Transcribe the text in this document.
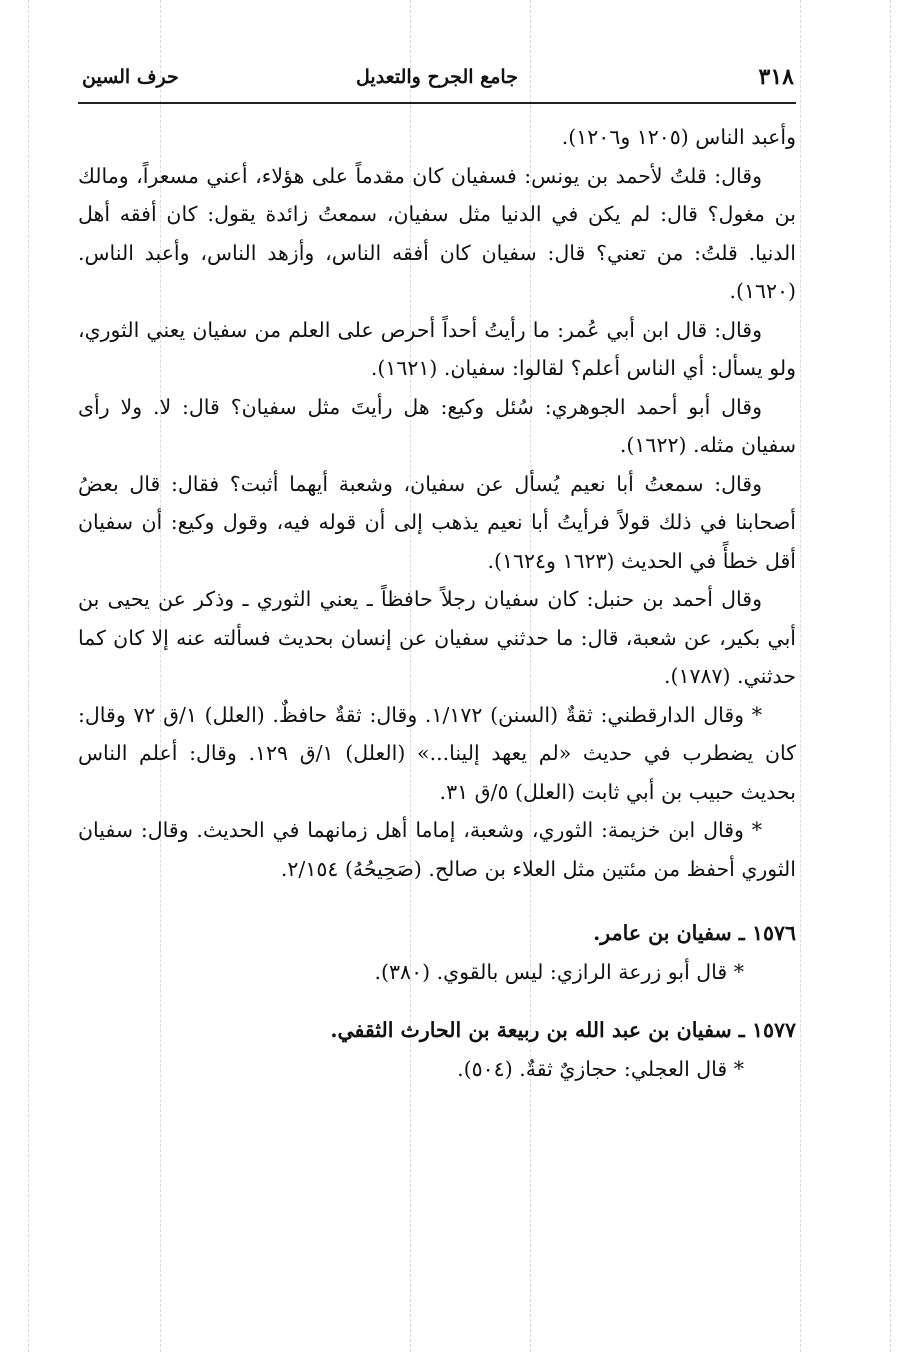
٣١٨
جامع الجرح والتعديل
حرف السين

وأعبد الناس (١٢٠٥ و١٢٠٦).

وقال: قلتُ لأحمد بن يونس: فسفيان كان مقدماً على هؤلاء، أعني مسعراً، ومالك بن مغول؟ قال: لم يكن في الدنيا مثل سفيان، سمعتُ زائدة يقول: كان أفقه أهل الدنيا. قلتُ: من تعني؟ قال: سفيان كان أفقه الناس، وأزهد الناس، وأعبد الناس. (١٦٢٠).

وقال: قال ابن أبي عُمر: ما رأيتُ أحداً أحرص على العلم من سفيان يعني الثوري، ولو يسأل: أي الناس أعلم؟ لقالوا: سفيان. (١٦٢١).

وقال أبو أحمد الجوهري: سُئل وكيع: هل رأيتَ مثل سفيان؟ قال: لا. ولا رأى سفيان مثله. (١٦٢٢).

وقال: سمعتُ أبا نعيم يُسأل عن سفيان، وشعبة أيهما أثبت؟ فقال: قال بعضُ أصحابنا في ذلك قولاً فرأيتُ أبا نعيم يذهب إلى أن قوله فيه، وقول وكيع: أن سفيان أقل خطأً في الحديث (١٦٢٣ و١٦٢٤).

وقال أحمد بن حنبل: كان سفيان رجلاً حافظاً ـ يعني الثوري ـ وذكر عن يحيى بن أبي بكير، عن شعبة، قال: ما حدثني سفيان عن إنسان بحديث فسألته عنه إلا كان كما حدثني. (١٧٨٧).

* وقال الدارقطني: ثقةٌ (السنن) ١/١٧٢. وقال: ثقةٌ حافظٌ. (العلل) ١/ق ٧٢ وقال: كان يضطرب في حديث «لم يعهد إلينا...» (العلل) ١/ق ١٢٩. وقال: أعلم الناس بحديث حبيب بن أبي ثابت (العلل) ٥/ق ٣١.

* وقال ابن خزيمة: الثوري، وشعبة، إماما أهل زمانهما في الحديث. وقال: سفيان الثوري أحفظ من مئتين مثل العلاء بن صالح. (صَحِيحُهُ) ٢/١٥٤.

١٥٧٦ ـ سفيان بن عامر.
* قال أبو زرعة الرازي: ليس بالقوي. (٣٨٠).
١٥٧٧ ـ سفيان بن عبد الله بن ربيعة بن الحارث الثقفي.
* قال العجلي: حجازيٌ ثقةٌ. (٥٠٤).
